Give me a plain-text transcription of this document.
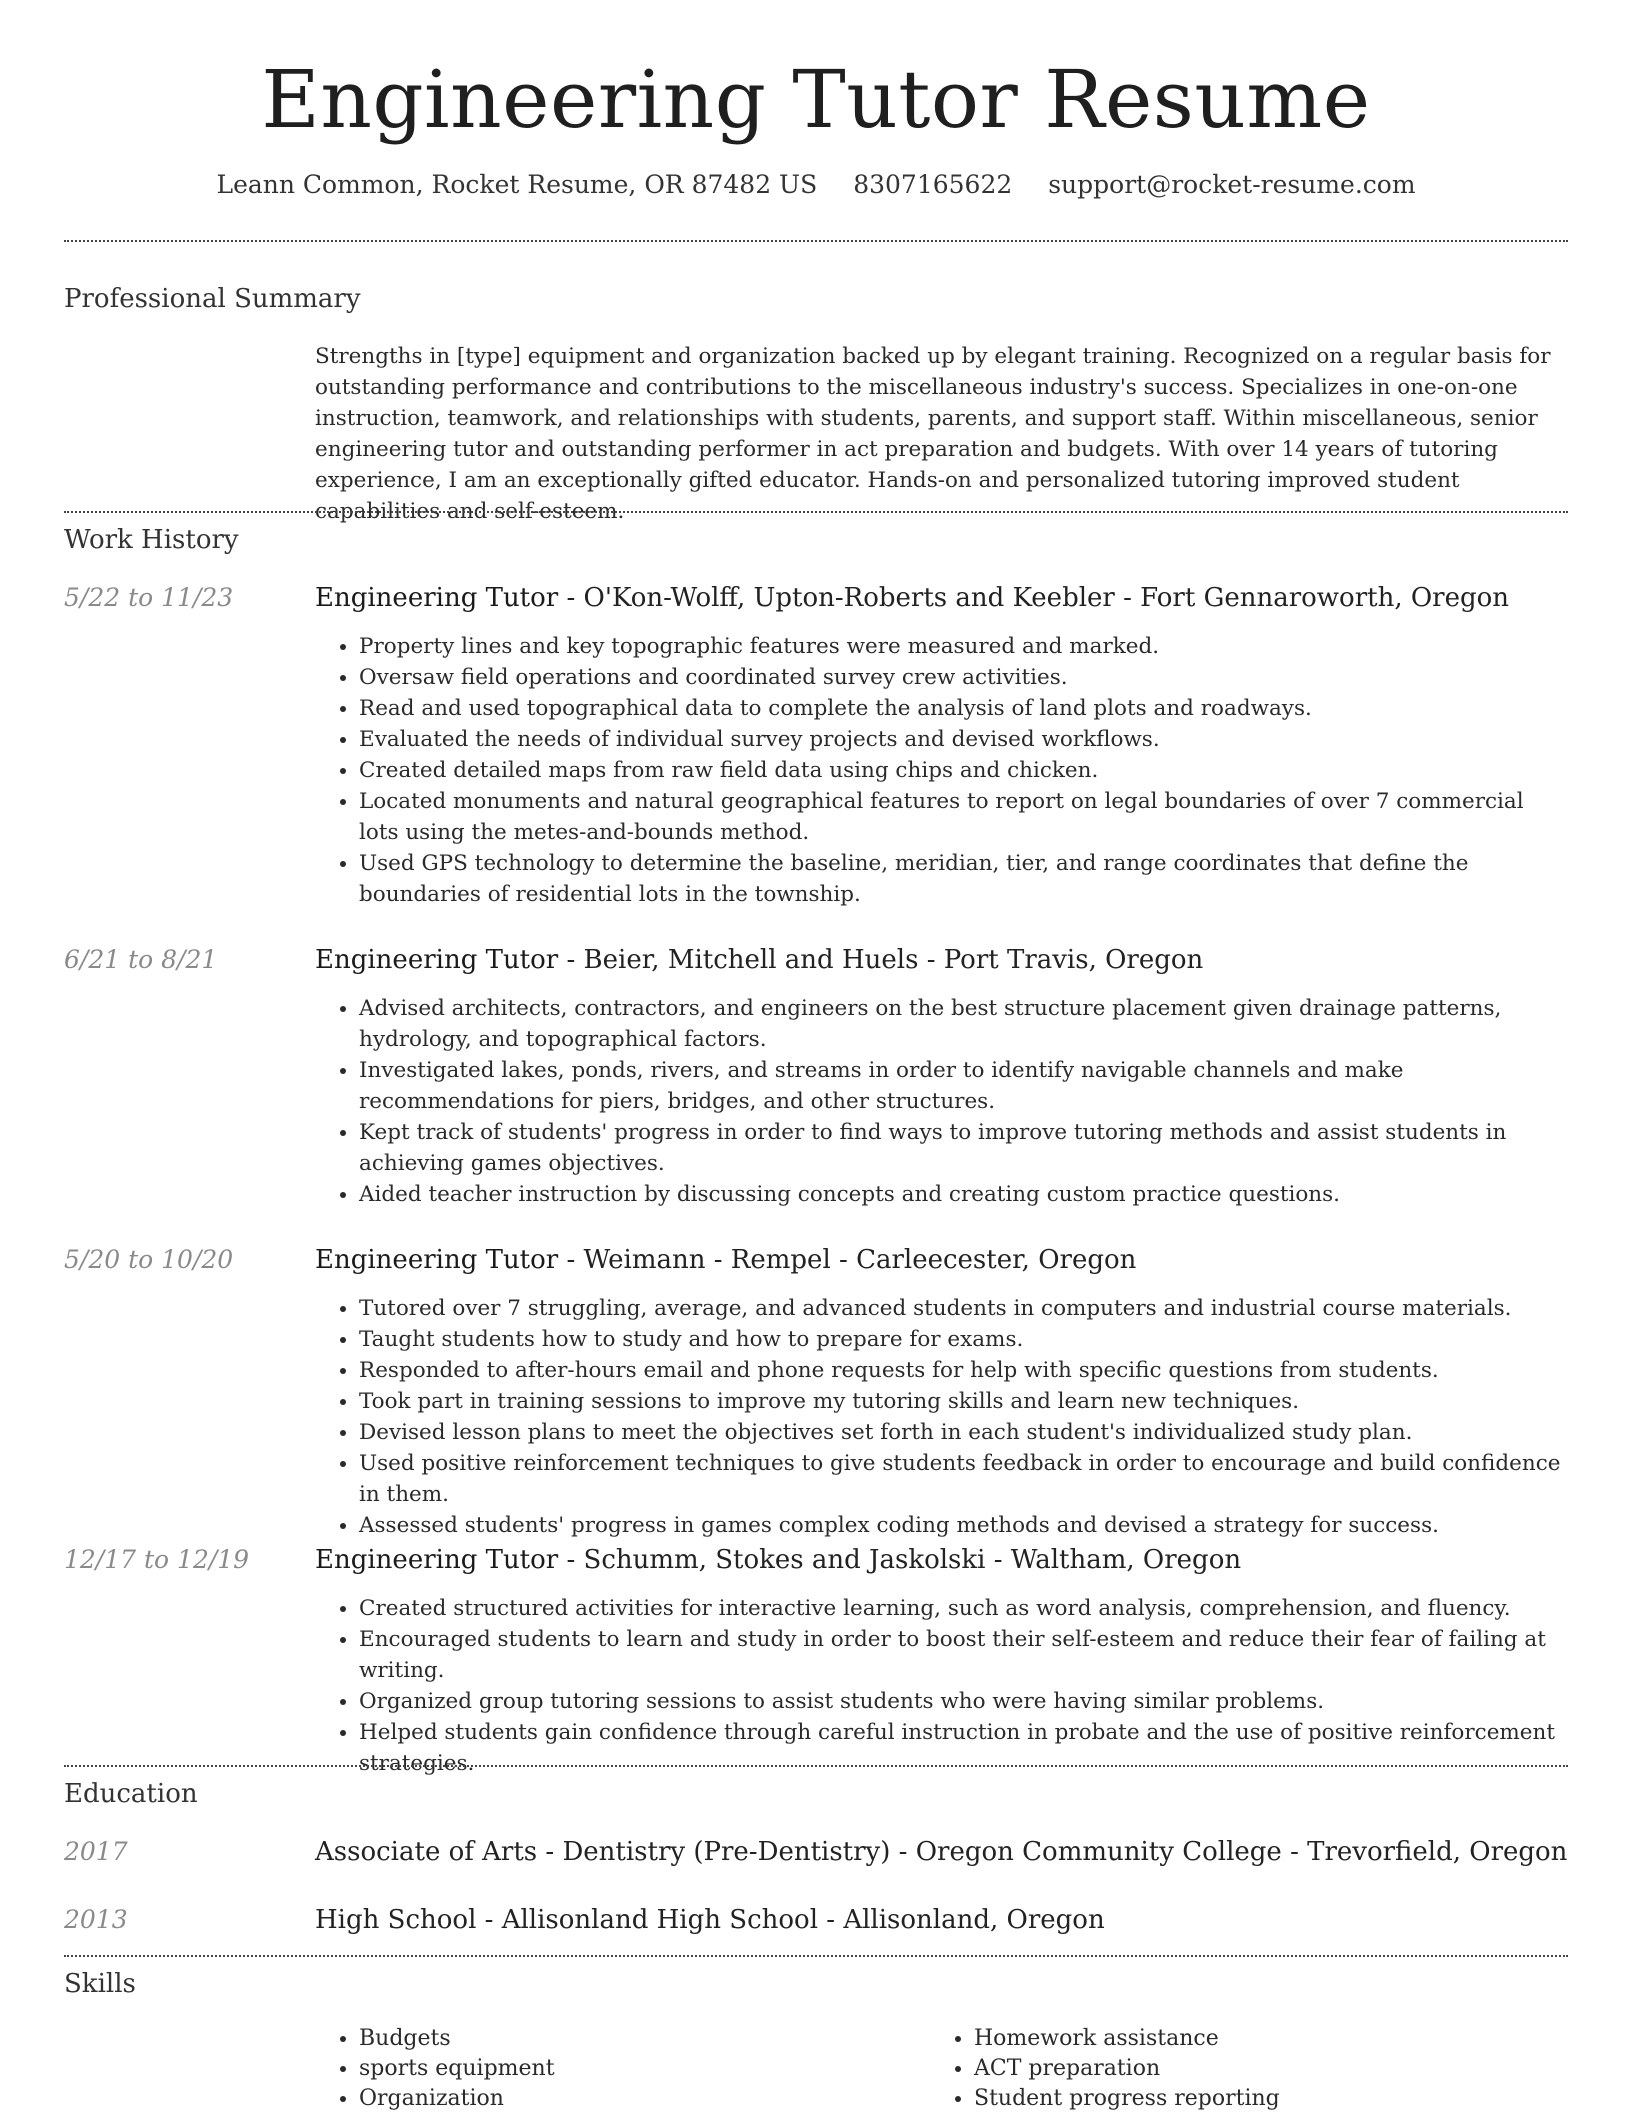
Engineering Tutor Resume
Leann Common, Rocket Resume, OR 87482 US 8307165622 support@rocket-resume.com
Professional Summary

Strengths in [type] equipment and organization backed up by elegant training. Recognized on a regular basis for outstanding performance and contributions to the miscellaneous industry's success. Specializes in one-on-one instruction, teamwork, and relationships with students, parents, and support staff. Within miscellaneous, senior engineering tutor and outstanding performer in act preparation and budgets. With over 14 years of tutoring experience, I am an exceptionally gifted educator. Hands-on and personalized tutoring improved student capabilities and self-esteem.

Work History
5/22 to 11/23	Engineering Tutor - O'Kon-Wolff, Upton-Roberts and Keebler - Fort Gennaroworth, Oregon
• Property lines and key topographic features were measured and marked.
• Oversaw field operations and coordinated survey crew activities.
• Read and used topographical data to complete the analysis of land plots and roadways.
• Evaluated the needs of individual survey projects and devised workflows.
• Created detailed maps from raw field data using chips and chicken.
• Located monuments and natural geographical features to report on legal boundaries of over 7 commercial lots using the metes-and-bounds method.
• Used GPS technology to determine the baseline, meridian, tier, and range coordinates that define the boundaries of residential lots in the township.
6/21 to 8/21	Engineering Tutor - Beier, Mitchell and Huels - Port Travis, Oregon
• Advised architects, contractors, and engineers on the best structure placement given drainage patterns, hydrology, and topographical factors.
• Investigated lakes, ponds, rivers, and streams in order to identify navigable channels and make recommendations for piers, bridges, and other structures.
• Kept track of students' progress in order to find ways to improve tutoring methods and assist students in achieving games objectives.
• Aided teacher instruction by discussing concepts and creating custom practice questions.
5/20 to 10/20	Engineering Tutor - Weimann - Rempel - Carleecester, Oregon
• Tutored over 7 struggling, average, and advanced students in computers and industrial course materials.
• Taught students how to study and how to prepare for exams.
• Responded to after-hours email and phone requests for help with specific questions from students.
• Took part in training sessions to improve my tutoring skills and learn new techniques.
• Devised lesson plans to meet the objectives set forth in each student's individualized study plan.
• Used positive reinforcement techniques to give students feedback in order to encourage and build confidence in them.
• Assessed students' progress in games complex coding methods and devised a strategy for success.
12/17 to 12/19	Engineering Tutor - Schumm, Stokes and Jaskolski - Waltham, Oregon
• Created structured activities for interactive learning, such as word analysis, comprehension, and fluency.
• Encouraged students to learn and study in order to boost their self-esteem and reduce their fear of failing at writing.
• Organized group tutoring sessions to assist students who were having similar problems.
• Helped students gain confidence through careful instruction in probate and the use of positive reinforcement strategies.
Education
2017	Associate of Arts - Dentistry (Pre-Dentistry) - Oregon Community College - Trevorfield, Oregon
2013	High School - Allisonland High School - Allisonland, Oregon
Skills
• Budgets
• sports equipment
• Organization
• Homework assistance
• ACT preparation
• Student progress reporting
